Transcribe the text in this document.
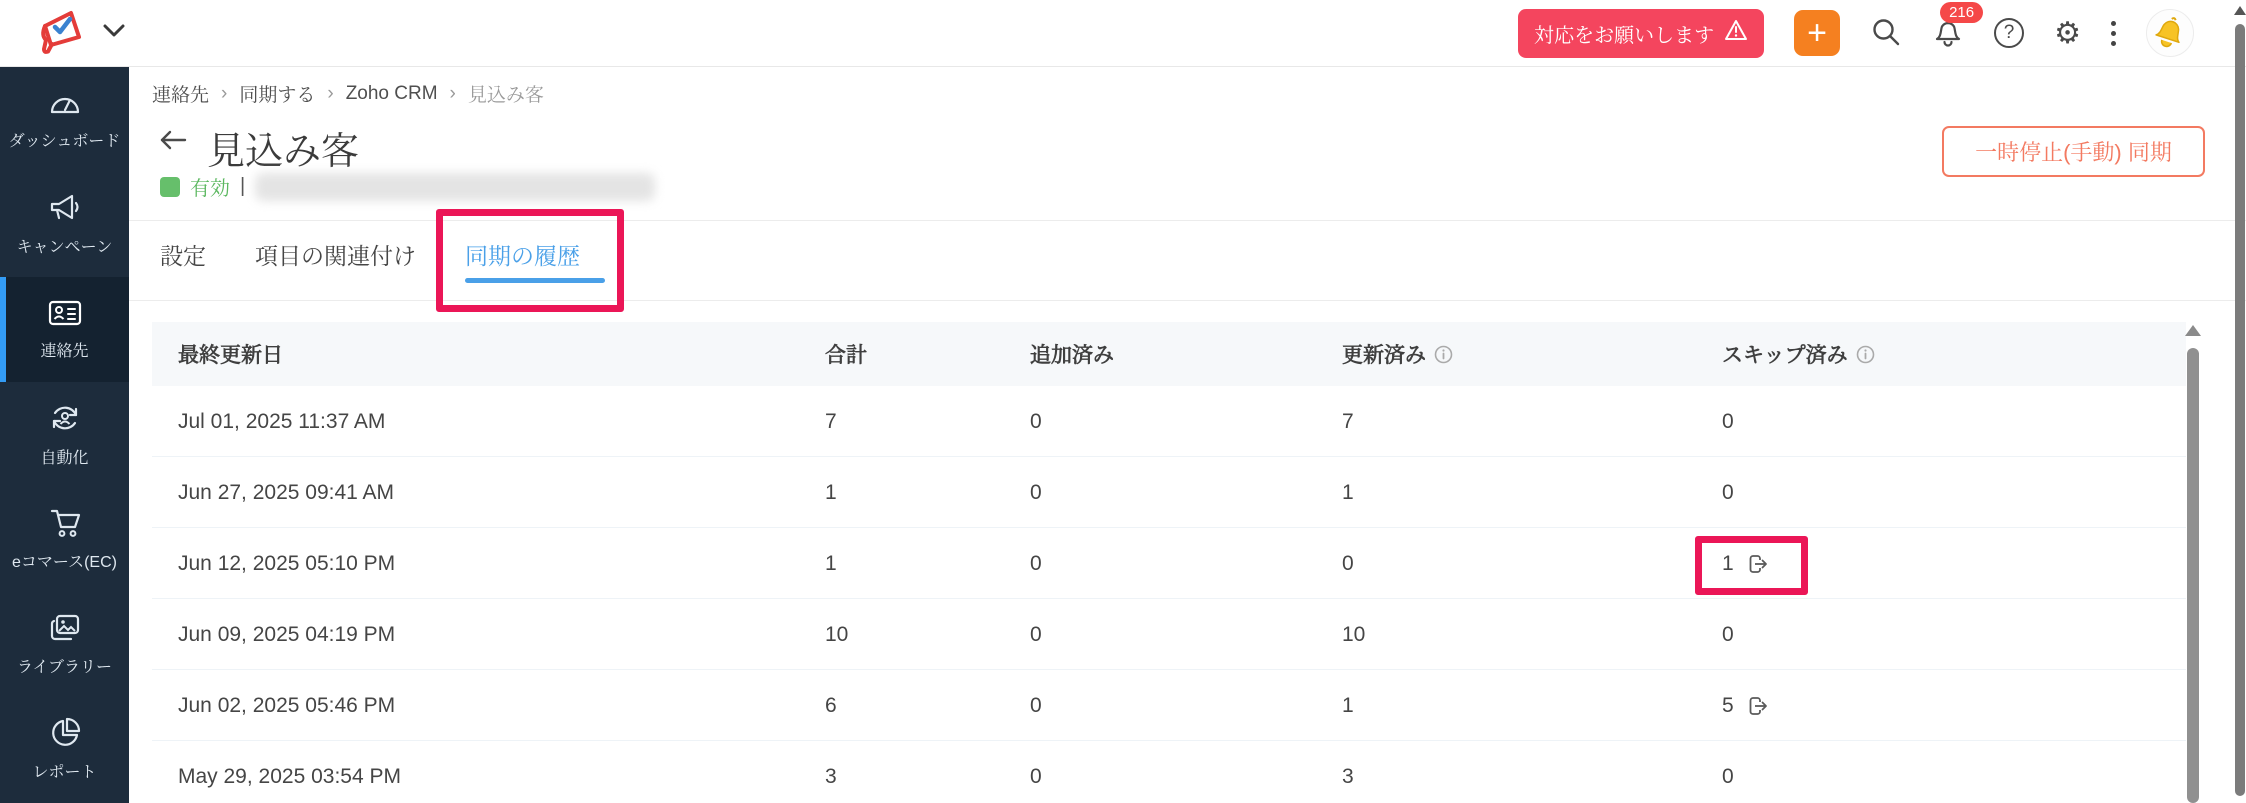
対応をお願いします	+
216
?	⚙
ダッシュボード
キャンペーン
連絡先
自動化
eコマース(EC)
ライブラリー
レポート
連絡先 › 同期する › Zoho CRM › 見込み客
見込み客
有効 |
一時停止(手動) 同期
設定 項目の関連付け 同期の履歴
最終更新日	合計	追加済み	更新済み	スキップ済み
Jul 01, 2025 11:37 AM	7	0	7	0
Jun 27, 2025 09:41 AM	1	0	1	0
Jun 12, 2025 05:10 PM	1	0	0	1
Jun 09, 2025 04:19 PM	10	0	10	0
Jun 02, 2025 05:46 PM	6	0	1	5
May 29, 2025 03:54 PM	3	0	3	0
